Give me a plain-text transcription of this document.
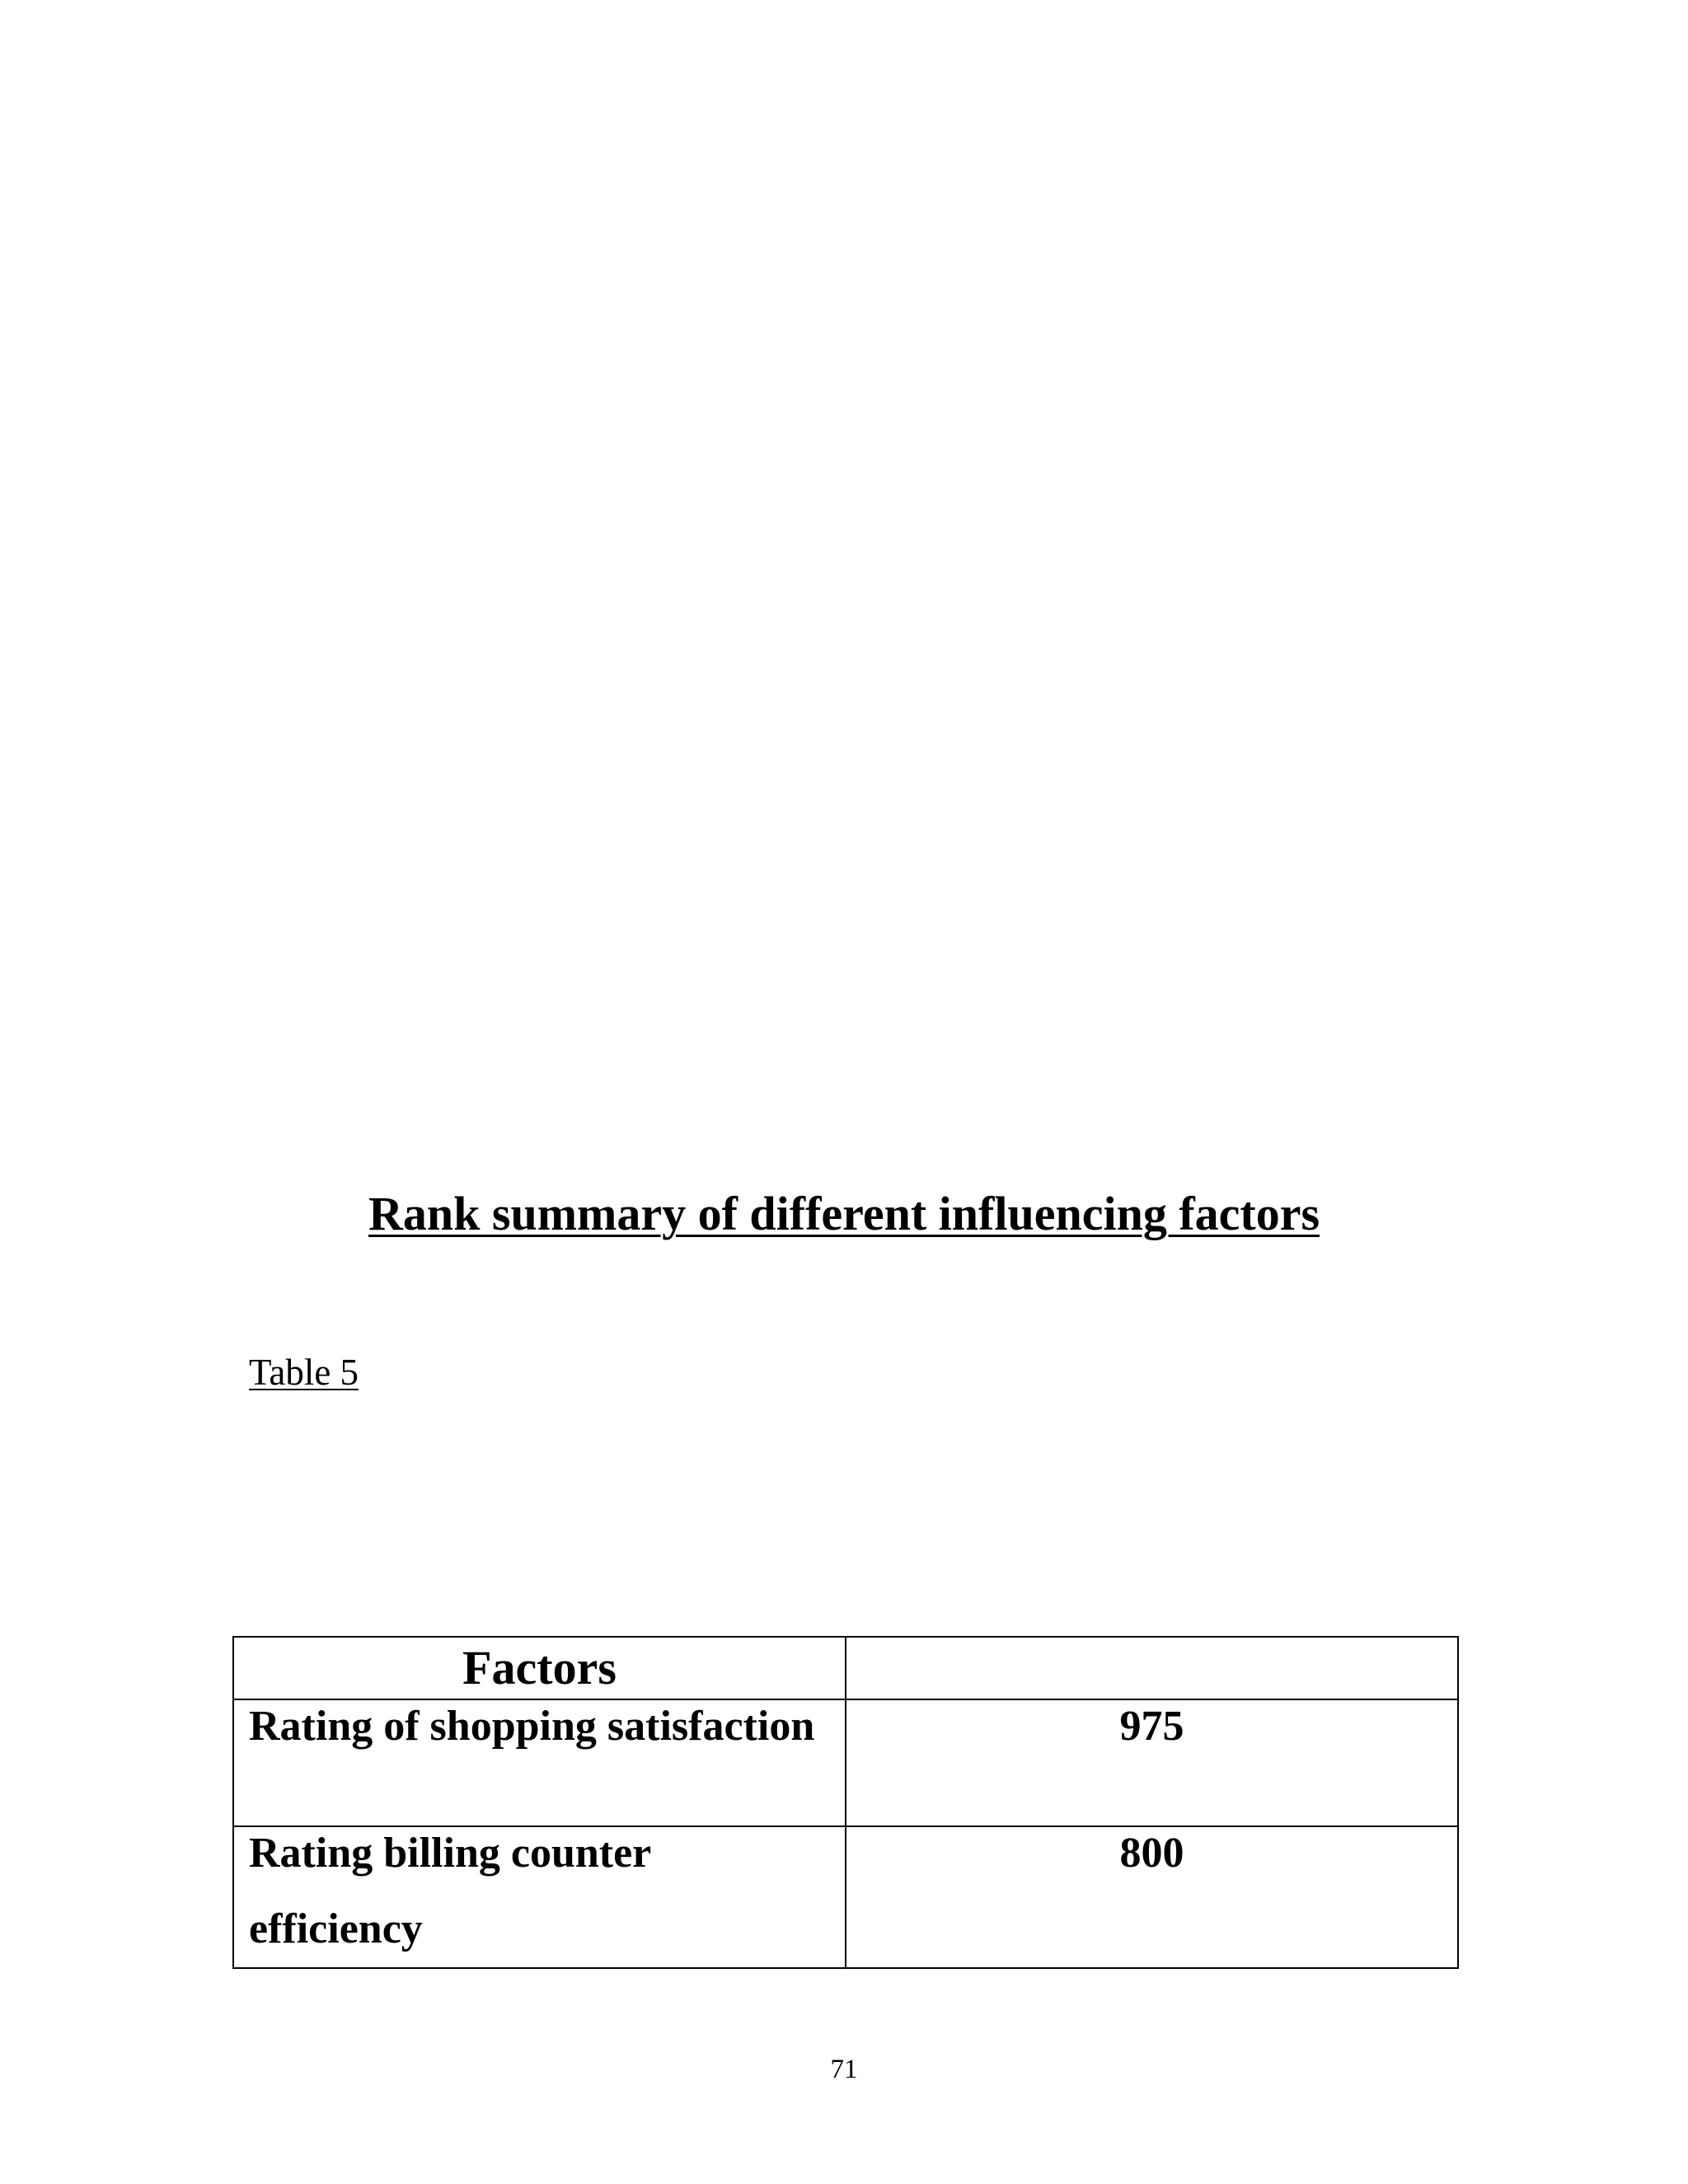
Rank summary of different influencing factors
Table 5
Factors	

Rating of shopping satisfaction	975

Rating billing counter efficiency	800
71
